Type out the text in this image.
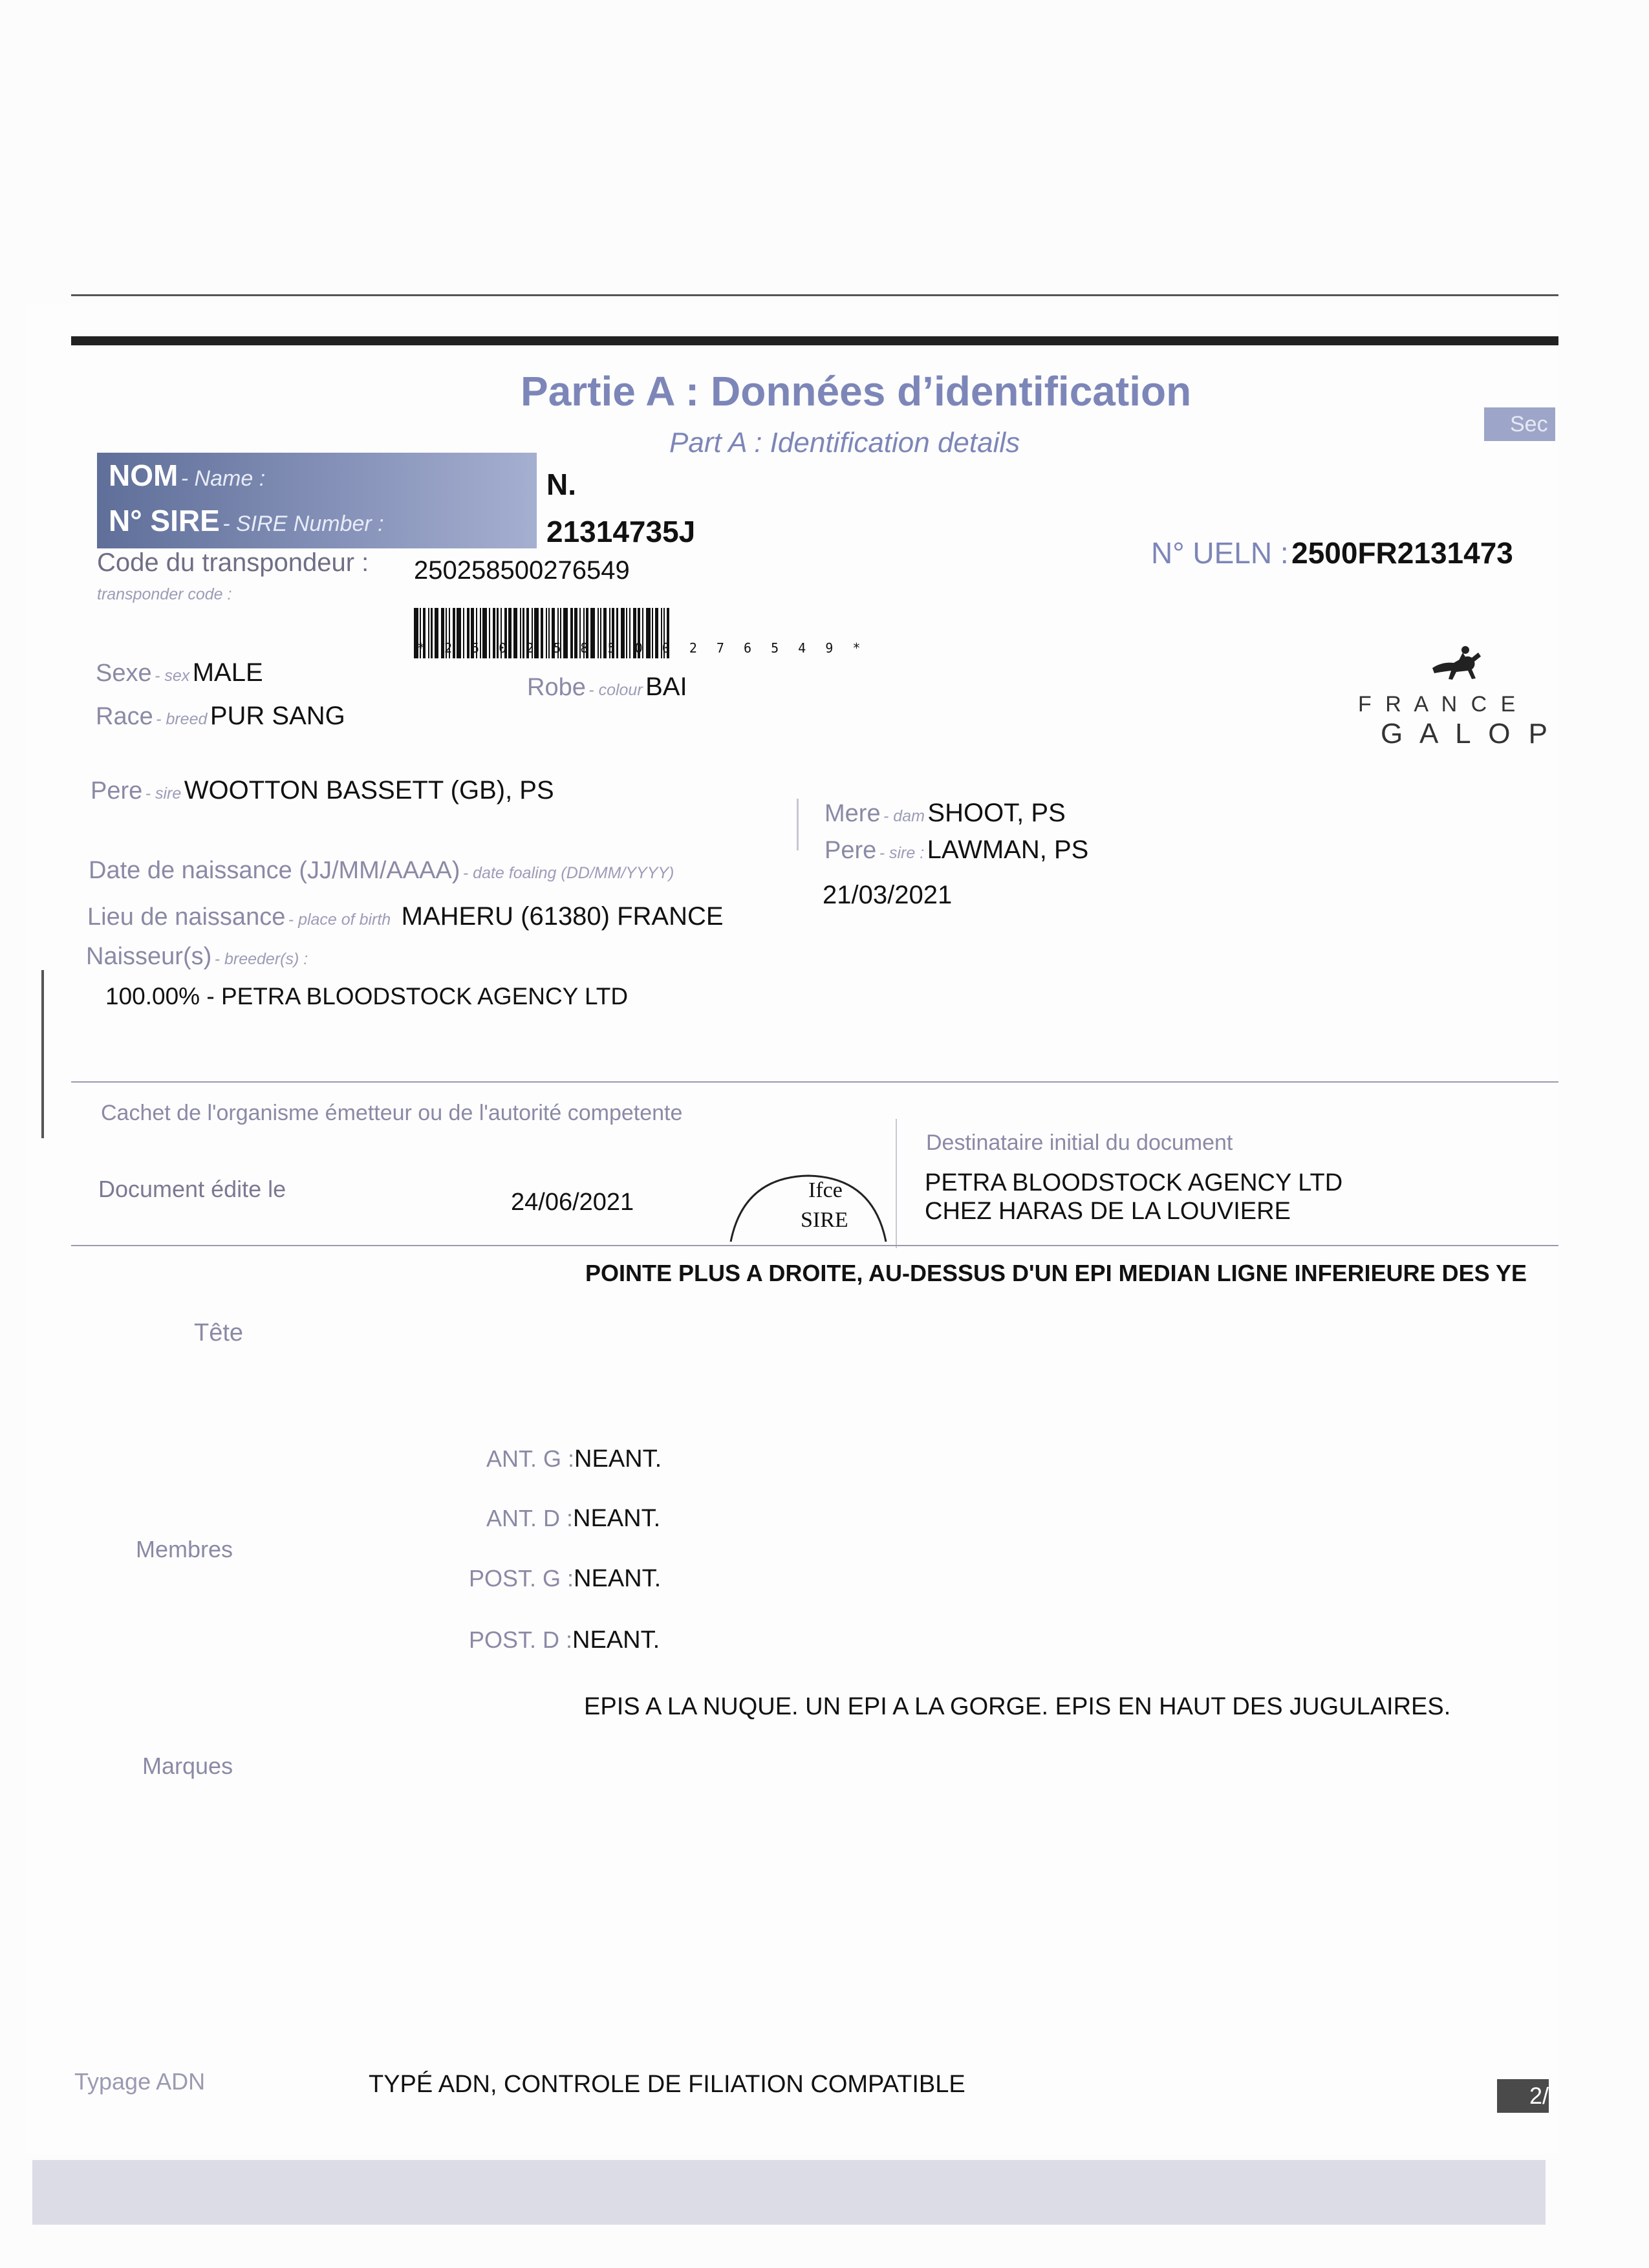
Partie A : Données d’identification
Part A : Identification details
Sec
NOM - Name :
N° SIRE - SIRE Number :
N.
21314735J
N° UELN : 2500FR2131473
Code du transpondeur : 250258500276549
transponder code :
* 2 5 0 2 5 8 5 0 0 2 7 6 5 4 9 *
Sexe - sex MALE
Race - breed PUR SANG
Robe - colour BAI
F R A N C E
G A L O P
Pere - sire WOOTTON BASSETT (GB), PS
Mere - dam SHOOT, PS
Pere - sire : LAWMAN, PS
Date de naissance (JJ/MM/AAAA) - date foaling (DD/MM/YYYY)
21/03/2021
Lieu de naissance - place of birth MAHERU (61380) FRANCE
Naisseur(s) - breeder(s) :
100.00% - PETRA BLOODSTOCK AGENCY LTD
Cachet de l'organisme émetteur ou de l'autorité competente
Destinataire initial du document
PETRA BLOODSTOCK AGENCY LTD
CHEZ HARAS DE LA LOUVIERE
Document édite le	24/06/2021	Ifce
SIRE
POINTE PLUS A DROITE, AU-DESSUS D'UN EPI MEDIAN LIGNE INFERIEURE DES YE
Tête
Membres
ANT. G :NEANT.
ANT. D :NEANT.
POST. G :NEANT.
POST. D :NEANT.
EPIS A LA NUQUE. UN EPI A LA GORGE. EPIS EN HAUT DES JUGULAIRES.
Marques
Typage ADN	TYPÉ ADN, CONTROLE DE FILIATION COMPATIBLE	2/
